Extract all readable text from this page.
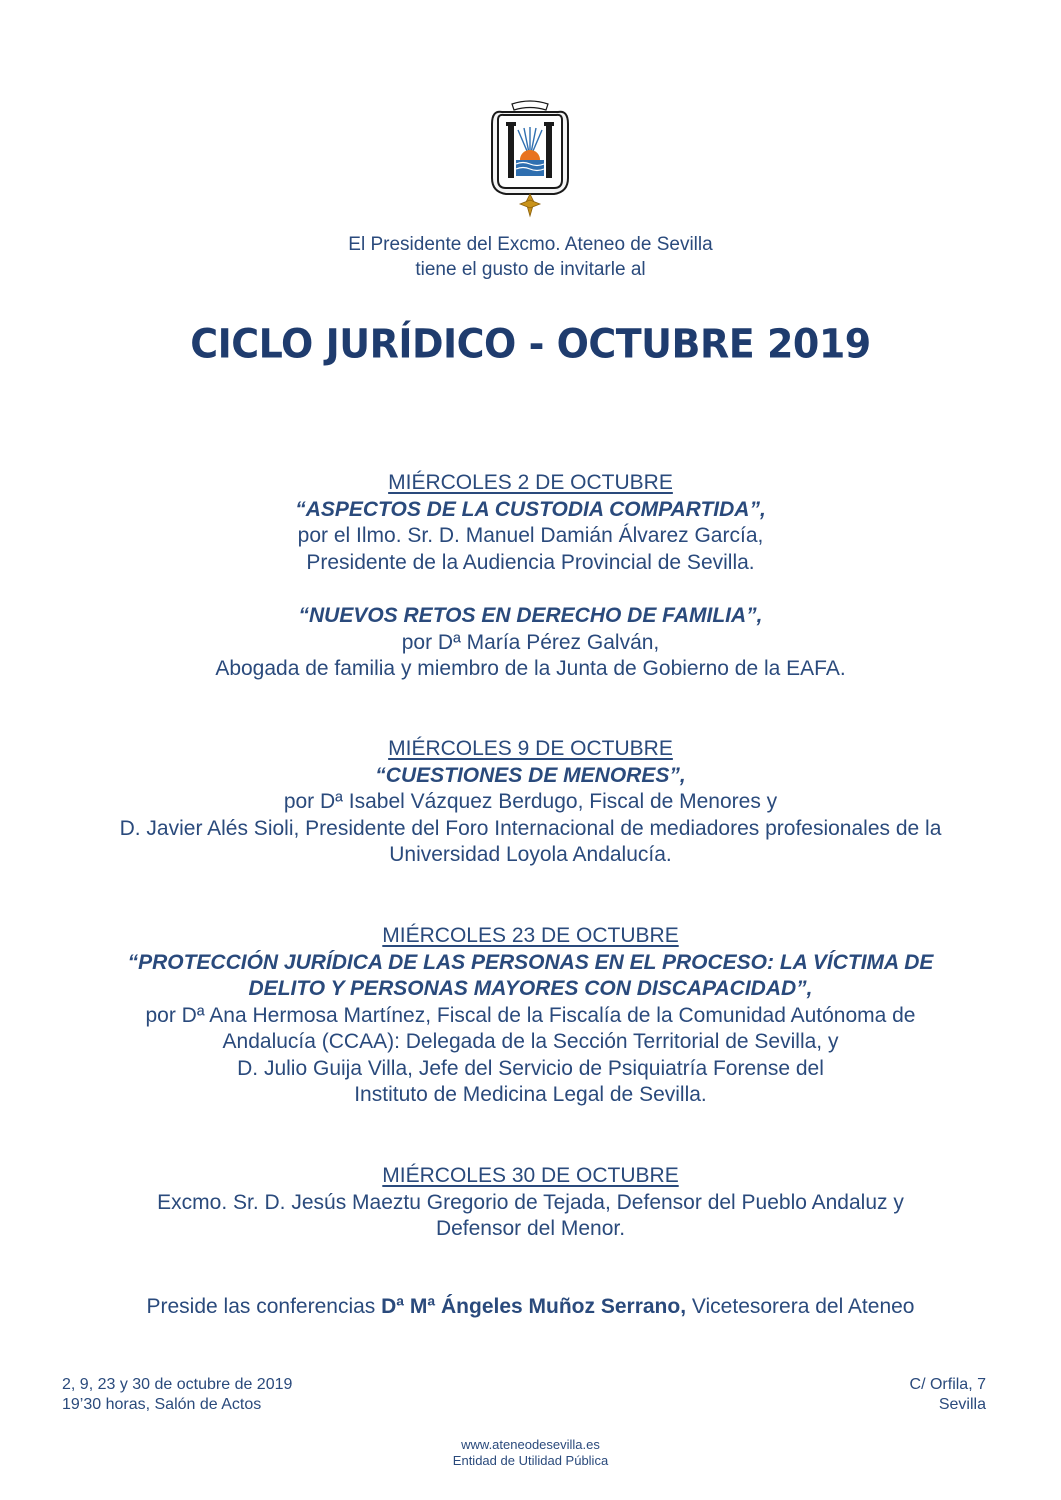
El Presidente del Excmo. Ateneo de Sevilla
tiene el gusto de invitarle al
CICLO JURÍDICO - OCTUBRE 2019
MIÉRCOLES 2 DE OCTUBRE
“ASPECTOS DE LA CUSTODIA COMPARTIDA”,
por el Ilmo. Sr. D. Manuel Damián Álvarez García,
Presidente de la Audiencia Provincial de Sevilla.
“NUEVOS RETOS EN DERECHO DE FAMILIA”,
por Dª María Pérez Galván,
Abogada de familia y miembro de la Junta de Gobierno de la EAFA.
MIÉRCOLES 9 DE OCTUBRE
“CUESTIONES DE MENORES”,
por Dª Isabel Vázquez Berdugo, Fiscal de Menores y
D. Javier Alés Sioli, Presidente del Foro Internacional de mediadores profesionales de la
Universidad Loyola Andalucía.
MIÉRCOLES 23 DE OCTUBRE
“PROTECCIÓN JURÍDICA DE LAS PERSONAS EN EL PROCESO: LA VÍCTIMA DE
DELITO Y PERSONAS MAYORES CON DISCAPACIDAD”,
por Dª Ana Hermosa Martínez, Fiscal de la Fiscalía de la Comunidad Autónoma de
Andalucía (CCAA): Delegada de la Sección Territorial de Sevilla, y
D. Julio Guija Villa, Jefe del Servicio de Psiquiatría Forense del
Instituto de Medicina Legal de Sevilla.
MIÉRCOLES 30 DE OCTUBRE
Excmo. Sr. D. Jesús Maeztu Gregorio de Tejada, Defensor del Pueblo Andaluz y
Defensor del Menor.
Preside las conferencias Dª Mª Ángeles Muñoz Serrano, Vicetesorera del Ateneo
2, 9, 23 y 30 de octubre de 2019
19’30 horas, Salón de Actos
C/ Orfila, 7
Sevilla
www.ateneodesevilla.es
Entidad de Utilidad Pública
